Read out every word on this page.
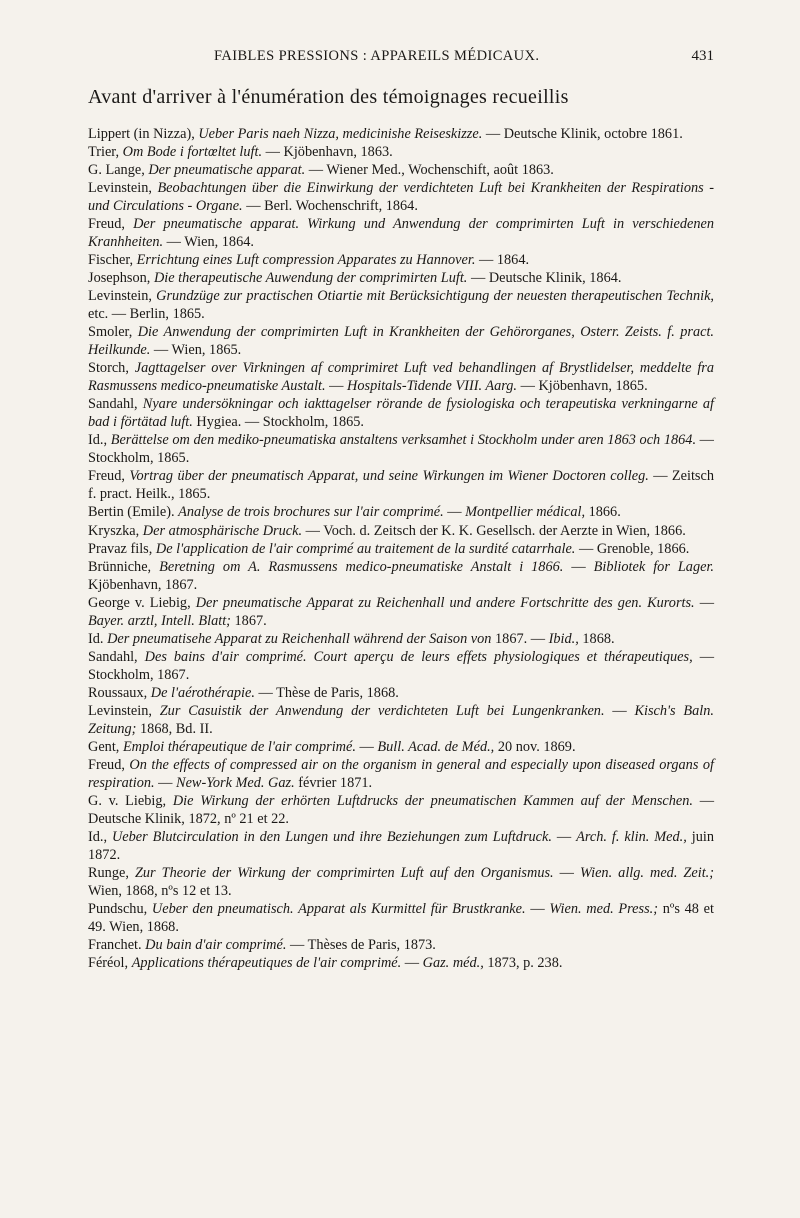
FAIBLES PRESSIONS : APPAREILS MÉDICAUX.	431
Avant d'arriver à l'énumération des témoignages recueillis

Lippert (in Nizza), Ueber Paris naeh Nizza, medicinishe Reiseskizze. — Deutsche Klinik, octobre 1861.

Trier, Om Bode i fortœltet luft. — Kjöbenhavn, 1863.

G. Lange, Der pneumatische apparat. — Wiener Med., Wochenschift, août 1863.

Levinstein, Beobachtungen über die Einwirkung der verdichteten Luft bei Krankheiten der Respirations - und Circulations - Organe. — Berl. Wochenschrift, 1864.

Freud, Der pneumatische apparat. Wirkung und Anwendung der comprimirten Luft in verschiedenen Kranhheiten. — Wien, 1864.

Fischer, Errichtung eines Luft compression Apparates zu Hannover. — 1864.

Josephson, Die therapeutische Auwendung der comprimirten Luft. — Deutsche Klinik, 1864.

Levinstein, Grundzüge zur practischen Otiartie mit Berücksichtigung der neuesten therapeutischen Technik, etc. — Berlin, 1865.

Smoler, Die Anwendung der comprimirten Luft in Krankheiten der Gehörorganes, Osterr. Zeists. f. pract. Heilkunde. — Wien, 1865.

Storch, Jagttagelser over Virkningen af comprimiret Luft ved behandlingen af Brystlidelser, meddelte fra Rasmussens medico-pneumatiske Austalt. — Hospitals-Tidende VIII. Aarg. — Kjöbenhavn, 1865.

Sandahl, Nyare undersökningar och iakttagelser rörande de fysiologiska och terapeutiska verkningarne af bad i förtätad luft. Hygiea. — Stockholm, 1865.

Id., Berättelse om den mediko-pneumatiska anstaltens verksamhet i Stockholm under aren 1863 och 1864. — Stockholm, 1865.

Freud, Vortrag über der pneumatisch Apparat, und seine Wirkungen im Wiener Doctoren colleg. — Zeitsch f. pract. Heilk., 1865.

Bertin (Emile). Analyse de trois brochures sur l'air comprimé. — Montpellier médical, 1866.

Kryszka, Der atmosphärische Druck. — Voch. d. Zeitsch der K. K. Gesellsch. der Aerzte in Wien, 1866.

Pravaz fils, De l'application de l'air comprimé au traitement de la surdité catarrhale. — Grenoble, 1866.

Brünniche, Beretning om A. Rasmussens medico-pneumatiske Anstalt i 1866. — Bibliotek for Lager. Kjöbenhavn, 1867.

George v. Liebig, Der pneumatische Apparat zu Reichenhall und andere Fortschritte des gen. Kurorts. — Bayer. arztl, Intell. Blatt; 1867.

Id. Der pneumatisehe Apparat zu Reichenhall während der Saison von 1867. — Ibid., 1868.

Sandahl, Des bains d'air comprimé. Court aperçu de leurs effets physiologiques et thérapeutiques, — Stockholm, 1867.

Roussaux, De l'aérothérapie. — Thèse de Paris, 1868.

Levinstein, Zur Casuistik der Anwendung der verdichteten Luft bei Lungenkranken. — Kisch's Baln. Zeitung; 1868, Bd. II.

Gent, Emploi thérapeutique de l'air comprimé. — Bull. Acad. de Méd., 20 nov. 1869.

Freud, On the effects of compressed air on the organism in general and especially upon diseased organs of respiration. — New-York Med. Gaz. février 1871.

G. v. Liebig, Die Wirkung der erhörten Luftdrucks der pneumatischen Kammen auf der Menschen. — Deutsche Klinik, 1872, nº 21 et 22.

Id., Ueber Blutcirculation in den Lungen und ihre Beziehungen zum Luftdruck. — Arch. f. klin. Med., juin 1872.

Runge, Zur Theorie der Wirkung der comprimirten Luft auf den Organismus. — Wien. allg. med. Zeit.; Wien, 1868, nºs 12 et 13.

Pundschu, Ueber den pneumatisch. Apparat als Kurmittel für Brustkranke. — Wien. med. Press.; nºs 48 et 49. Wien, 1868.

Franchet. Du bain d'air comprimé. — Thèses de Paris, 1873.

Féréol, Applications thérapeutiques de l'air comprimé. — Gaz. méd., 1873, p. 238.
